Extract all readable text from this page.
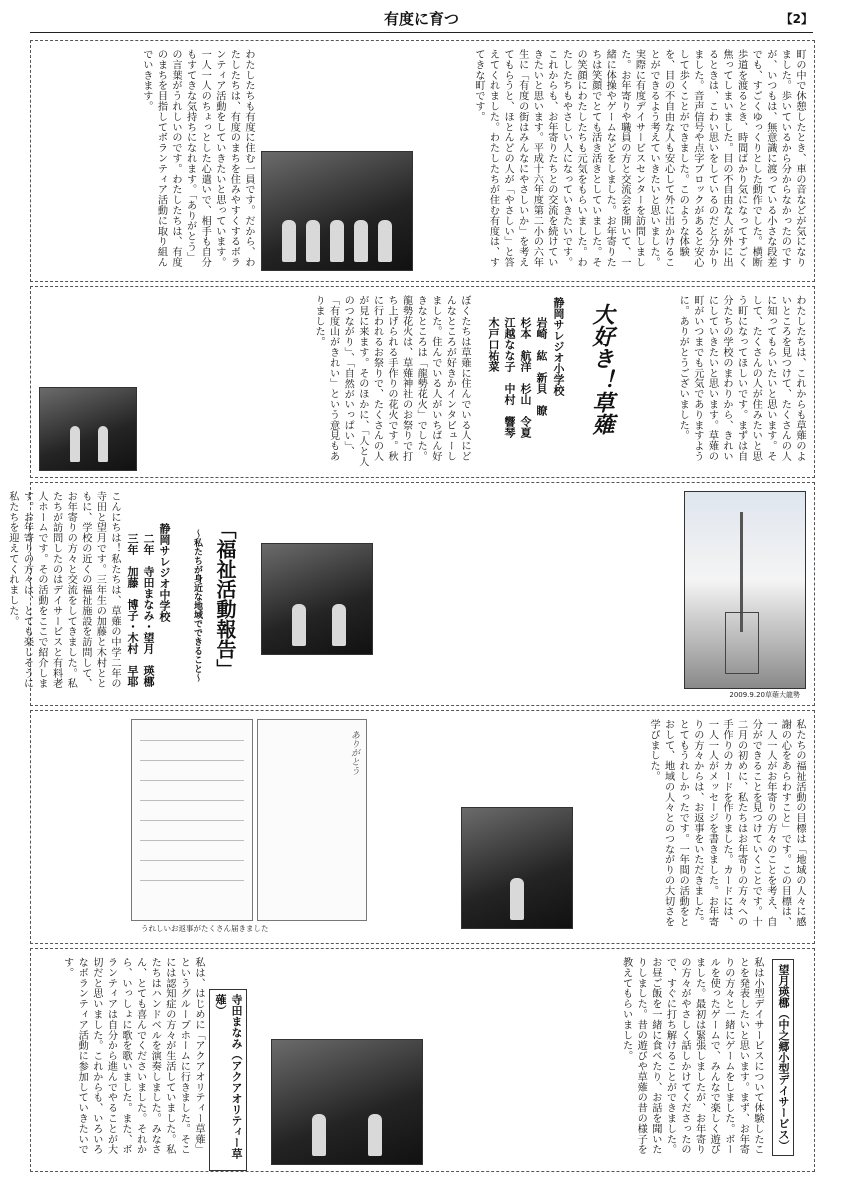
有度に育つ	【2】
町の中で休憩したとき、車の音などが気になりました。歩いているから分からなかったのですが、いつもは、無意識に渡っている小さな段差でも、すごくゆっくりとした動作でした。横断歩道を渡るとき、時間ばかり気になってすごく焦ってしまいました。目の不自由な人が外に出るときは、こわい思いをしているのだと分かりました。音声信号や点字ブロックがあると安心して歩くことができました。このような体験を、目の不自由な人も安心して外に出かけることができるよう考えていきたいと思いました。実際に有度デイサービスセンターを訪問しました。お年寄りや職員の方と交流会を開いて、一緒に体操やゲームなどをしました。お年寄りたちは笑顔でとても活き活きとしていました。その笑顔にわたしたちも元気をもらいました。わたしたちもやさしい人になっていきたいです。これからも、お年寄りたちとの交流を続けていきたいと思います。平成十六年度第二小の六年生に「有度の街はみんなにやさしいか」を考えてもらうと、ほとんどの人が「やさしい」と答えてくれました。わたしたちが住む有度は、すてきな町です。
わたしたちも有度に住む一員です。だから、わたしたちは、有度のまちを住みやすくするボランティア活動をしていきたいと思っています。一人一人のちょっとした心遣いで、相手も自分もすてきな気持ちになれます。「ありがとう」の言葉がうれしいのです。わたしたちは、有度のまちを目指してボランティア活動に取り組んでいきます。
わたしたちは、これからも草薙のよいところを見つけて、たくさんの人に知ってもらいたいと思います。そして、たくさんの人が住みたいと思う町になってほしいです。まずは自分たちの学校のまわりから、きれいにしていきたいと思います。草薙の町がいつまでも元気でありますように。ありがとうございました。
大好き！草薙
静岡サレジオ小学校
岩崎　紘　新貝　瞭
杉本　航洋　杉山　令夏
江越なな子　中村　響琴
木戸口祐菜
ぼくたちは草薙に住んでいる人にどんなところが好きかインタビューしました。住んでいる人がいちばん好きなところは「龍勢花火」でした。龍勢花火は、草薙神社のお祭りで打ち上げられる手作りの花火です。秋に行われるお祭りで、たくさんの人が見に来ます。そのほかに、「人と人のつながり」、「自然がいっぱい」、「有度山がきれい」という意見もありました。
2009.9.20草薙大龍勢
「福祉活動報告」
〜私たちが身近な地域でできること〜
静岡サレジオ中学校
二年　寺田まなみ・望月　瑛梛
三年　加藤　博子・木村　早耶
こんにちは！私たちは、草薙の中学二年の寺田と望月です。三年生の加藤と木村とともに、学校の近くの福祉施設を訪問して、お年寄りの方々と交流をしてきました。私たちが訪問したのはデイサービスと有料老人ホームです。その活動をここで紹介します。お年寄りの方々は、とても楽しそうに私たちを迎えてくれました。
私たちの福祉活動の目標は「地域の人々に感謝の心をあらわすこと」です。この目標は、一人一人がお年寄りの方々のことを考え、自分ができることを見つけていくことです。十二月の初めに、私たちはお年寄りの方々への手作りのカードを作りました。カードには、一人一人がメッセージを書きました。お年寄りの方々からは、お返事をいただきました。とてもうれしかったです。一年間の活動をとおして、地域の人々とのつながりの大切さを学びました。
ありがとう
うれしいお返事がたくさん届きました
望月瑛梛（中之郷小型デイサービス）
私は小型デイサービスについて体験したことを発表したいと思います。まず、お年寄りの方々と一緒にゲームをしました。ボールを使ったゲームで、みんなで楽しく遊びました。最初は緊張しましたが、お年寄りの方々がやさしく話しかけてくださったので、すぐに打ち解けることができました。お昼ご飯を一緒に食べたり、お話を聞いたりしました。昔の遊びや草薙の昔の様子を教えてもらいました。
寺田まなみ（アクアオリティー草薙）
私は、はじめに「アクアオリティー草薙」というグループホームに行きました。そこには認知症の方々が生活していました。私たちはハンドベルを演奏しました。みなさん、とても喜んでくださいました。それから、いっしょに歌を歌いました。また、ボランティアは自分から進んでやることが大切だと思いました。これからも、いろいろなボランティア活動に参加していきたいです。
